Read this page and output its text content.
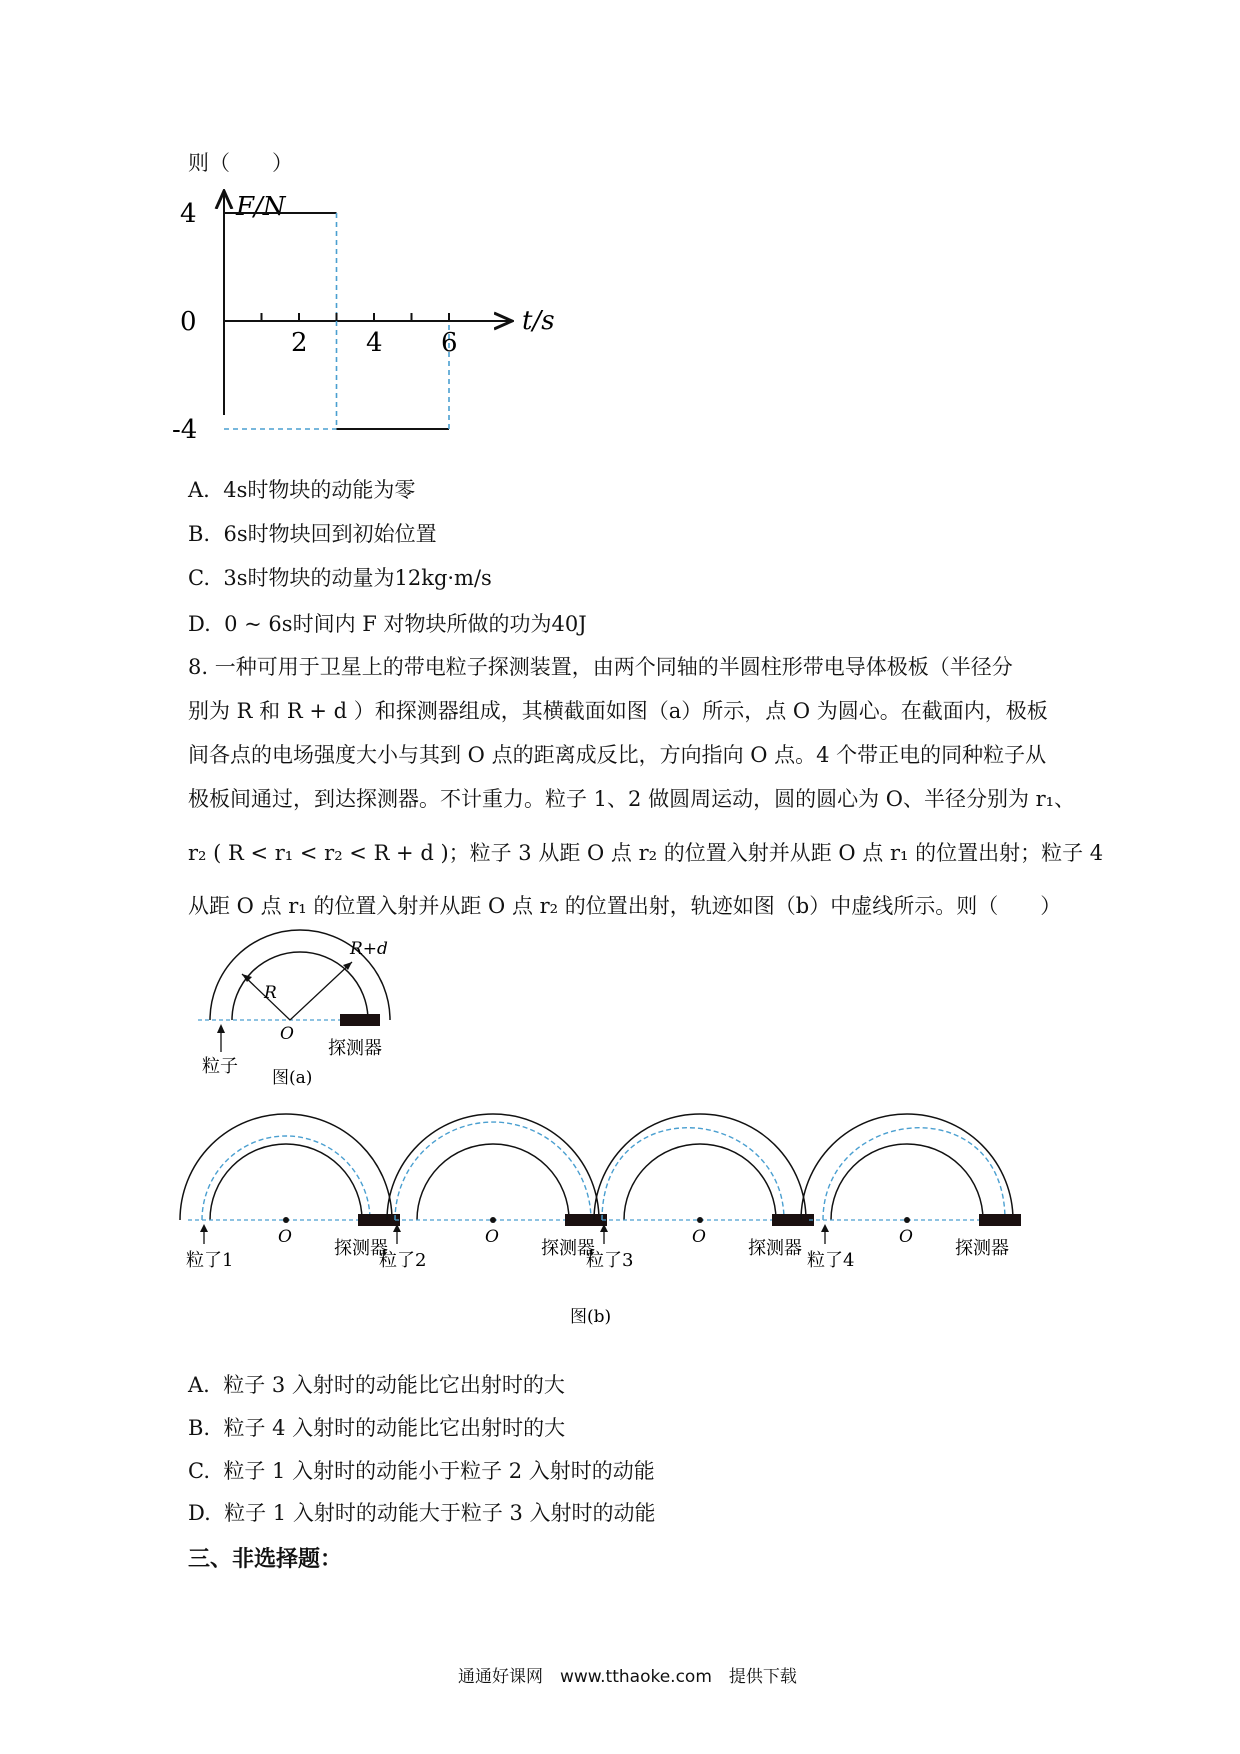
则（　　）
F/N
t/s
2 4 6
4
0
-4
A. 4s时物块的动能为零
B. 6s时物块回到初始位置
C. 3s时物块的动量为12kg·m/s
D. 0 ~ 6s时间内 F 对物块所做的功为40J
8. 一种可用于卫星上的带电粒子探测装置，由两个同轴的半圆柱形带电导体极板（半径分
别为 R 和 R + d ）和探测器组成，其横截面如图（a）所示，点 O 为圆心。在截面内，极板
间各点的电场强度大小与其到 O 点的距离成反比，方向指向 O 点。4 个带正电的同种粒子从
极板间通过，到达探测器。不计重力。粒子 1、2 做圆周运动，圆的圆心为 O、半径分别为 r₁、
r₂ ( R < r₁ < r₂ < R + d )；粒子 3 从距 O 点 r₂ 的位置入射并从距 O 点 r₁ 的位置出射；粒子 4
从距 O 点 r₁ 的位置入射并从距 O 点 r₂ 的位置出射，轨迹如图（b）中虚线所示。则（　　）
R
R+d
O
粒子
探测器
图(a)
图(b)
O
粒了1
探测器
O
粒了2
探测器
O
粒了3
探测器
O
粒了4
探测器
A. 粒子 3 入射时的动能比它出射时的大
B. 粒子 4 入射时的动能比它出射时的大
C. 粒子 1 入射时的动能小于粒子 2 入射时的动能
D. 粒子 1 入射时的动能大于粒子 3 入射时的动能
三、非选择题：
通通好课网　www.tthaoke.com　提供下载
